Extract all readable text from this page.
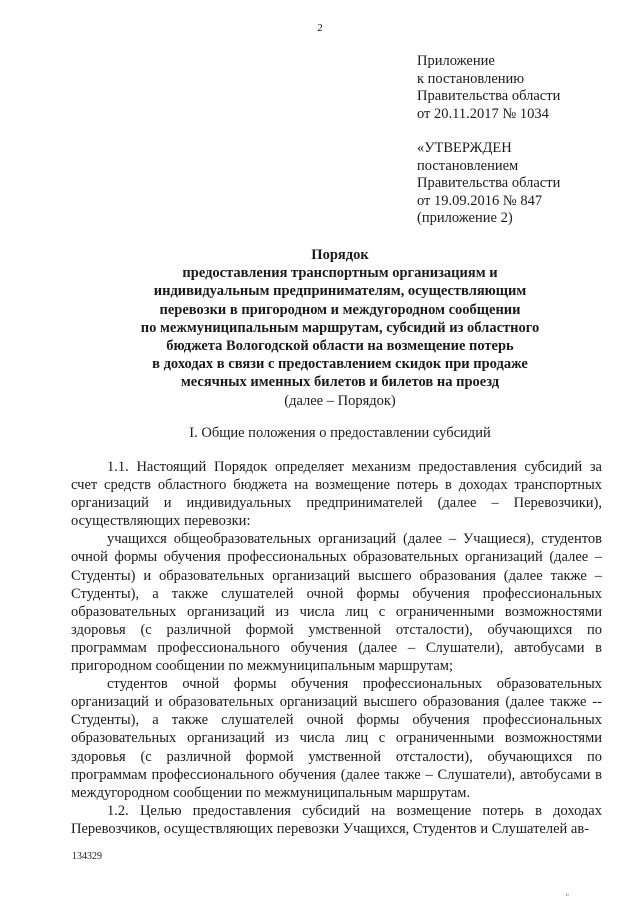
2
Приложение
к постановлению
Правительства области
от 20.11.2017 № 1034
«УТВЕРЖДЕН
постановлением
Правительства области
от 19.09.2016 № 847
(приложение 2)
Порядок
предоставления транспортным организациям и
индивидуальным предпринимателям, осуществляющим
перевозки в пригородном и междугородном сообщении
по межмуниципальным маршрутам, субсидий из областного
бюджета Вологодской области на возмещение потерь
в доходах в связи с предоставлением скидок при продаже
месячных именных билетов и билетов на проезд
(далее – Порядок)
I. Общие положения о предоставлении субсидий

1.1. Настоящий Порядок определяет механизм предоставления субсидий за счет средств областного бюджета на возмещение потерь в доходах транспортных организаций и индивидуальных предпринимателей (далее – Перевозчики), осуществляющих перевозки:

учащихся общеобразовательных организаций (далее – Учащиеся), студентов очной формы обучения профессиональных образовательных организаций (далее – Студенты) и образовательных организаций высшего образования (далее также – Студенты), а также слушателей очной формы обучения профессиональных образовательных организаций из числа лиц с ограниченными возможностями здоровья (с различной формой умственной отсталости), обучающихся по программам профессионального обучения (далее – Слушатели), автобусами в пригородном сообщении по межмуниципальным маршрутам;

студентов очной формы обучения профессиональных образовательных организаций и образовательных организаций высшего образования (далее также -- Студенты), а также слушателей очной формы обучения профессиональных образовательных организаций из числа лиц с ограниченными возможностями здоровья (с различной формой умственной отсталости), обучающихся по программам профессионального обучения (далее также – Слушатели), автобусами в междугородном сообщении по межмуниципальным маршрутам.

1.2. Целью предоставления субсидий на возмещение потерь в доходах Перевозчиков, осуществляющих перевозки Учащихся, Студентов и Слушателей ав-

134329
ıı
